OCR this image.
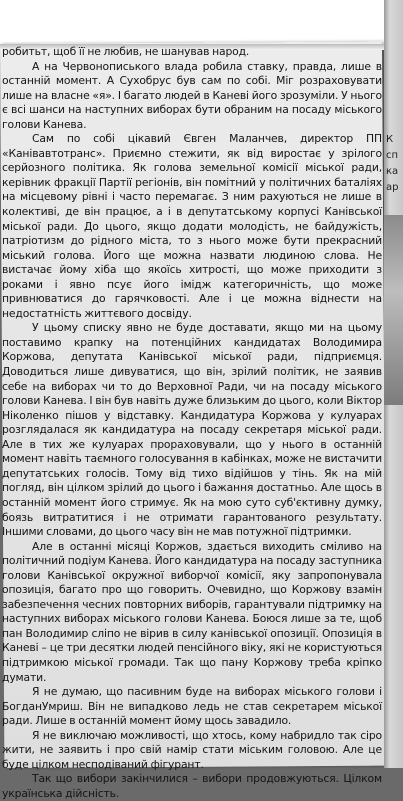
К
сп
ка
ар

робитьт, щоб її не любив, не шанував народ.

А на Червонописького влада робила ставку, правда, лише в останній момент. А Сухобрус був сам по собі. Міг розраховувати лише на власне «я». І багато людей в Каневі його зрозуміли. У нього є всі шанси на наступних виборах бути обраним на посаду міського голови Канева.

Сам по собі цікавий Євген Маланчев, директор ПП «Канівавтотранс». Приємно стежити, як від виростає у зрілого серйозного політика. Як голова земельної комісії міської ради, керівник фракції Партії регіонів, він помітний у політичних баталіях на місцевому рівні і часто перемагає. З ним рахуються не лише в колективі, де він працює, а і в депутатському корпусі Канівської міської ради. До цього, якщо додати молодість, не байдужість, патріотизм до рідного міста, то з нього може бути прекрасний міський голова. Його ще можна назвати людиною слова. Не вистачає йому хіба що якоїсь хитрості, що може приходити з роками і явно псує його імідж категоричність, що може привнюватися до гарячковості. Але і це можна віднести на недостатність життєвого досвіду.

У цьому списку явно не буде доставати, якщо ми на цьому поставимо крапку на потенційних кандидатах Володимира Коржова, депутата Канівської міської ради, підприємця. Доводиться лише дивуватися, що він, зрілий політик, не заявив себе на виборах чи то до Верховної Ради, чи на посаду міського голови Канева. І він був навіть дуже близьким до цього, коли Віктор Ніколенко пішов у відставку. Кандидатура Коржова у кулуарах розглядалася як кандидатура на посаду секретаря міської ради. Але в тих же кулуарах прораховували, що у нього в останній момент навіть таємного голосування в кабінках, може не вистачити депутатських голосів. Тому від тихо відійшов у тінь. Як на мій погляд, він цілком зрілий до цього і бажання достатньо. Але щось в останній момент його стримує. Як на мою суто суб'єктивну думку, боязь витратитися і не отримати гарантованого результату. Іншими словами, до цього часу він не мав потужної підтримки.

Але в останні місяці Коржов, здається виходить сміливо на політичний подіум Канева. Його кандидатура на посаду заступника голови Канівської окружної виборчої комісії, яку запропонувала опозиція, багато про що говорить. Очевидно, що Коржову взамін забезпечення чесних повторних виборів, гарантували підтримку на наступних виборах міського голови Канева. Боюся лише за те, щоб пан Володимир сліпо не вірив в силу канівської опозиції. Опозиція в Каневі – це три десятки людей пенсійного віку, які не користуються підтримкою міської громади. Так що пану Коржову треба кріпко думати.

Я не думаю, що пасивним буде на виборах міського голови і БогданУмриш. Він не випадково ледь не став секретарем міської ради. Лише в останній момент йому щось завадило.

Я не виключаю можливості, що хтось, кому набридло так сіро жити, не заявить і про свій намір стати міським головою. Але це буде цілком несподіваний фігурант.

Так що вибори закінчилися – вибори продовжуються. Цілком українська дійсність.
